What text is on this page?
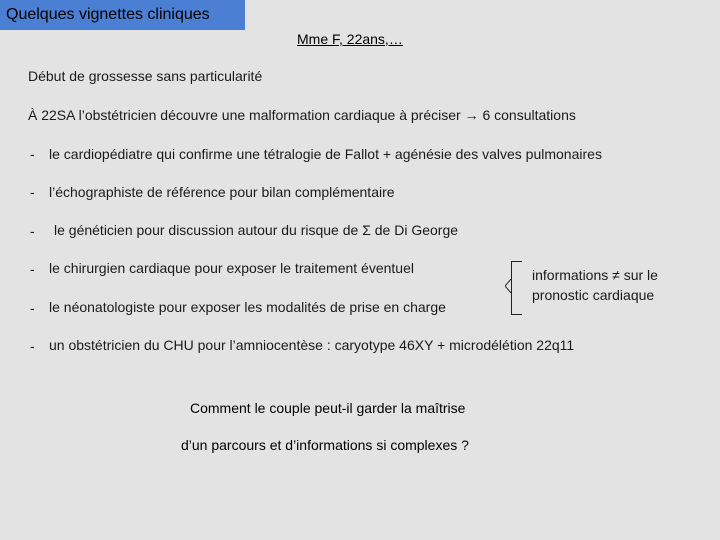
Quelques vignettes cliniques
Mme F, 22ans,…
Début de grossesse sans particularité
À 22SA l’obstétricien découvre une malformation cardiaque à préciser → 6 consultations
- le cardiopédiatre qui confirme une tétralogie de Fallot + agénésie des valves pulmonaires
- l’échographiste de référence pour bilan complémentaire
- le généticien pour discussion autour du risque de Σ de Di George
- le chirurgien cardiaque pour exposer le traitement éventuel
- le néonatologiste pour exposer les modalités de prise en charge
- un obstétricien du CHU pour l’amniocentèse : caryotype 46XY + microdélétion 22q11
informations ≠ sur le pronostic cardiaque
Comment le couple peut-il garder la maîtrise
d’un parcours et d’informations si complexes ?
